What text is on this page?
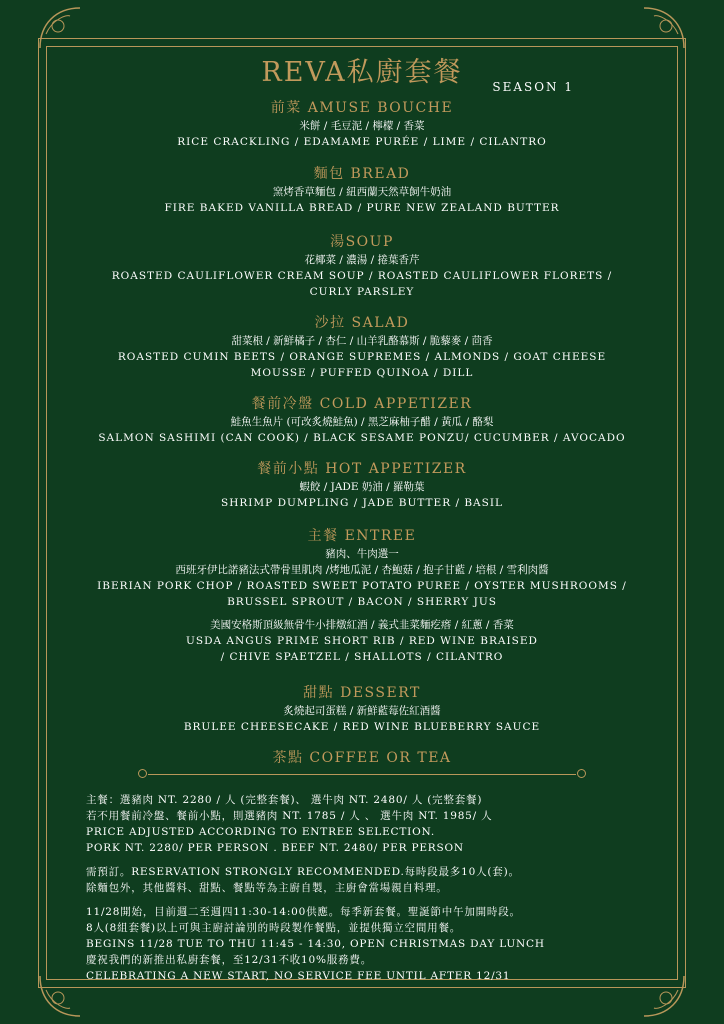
REVA私廚套餐	SEASON 1
前菜 AMUSE BOUCHE
米餅 / 毛豆泥 / 檸檬 / 香菜
RICE CRACKLING / EDAMAME PURÉE / LIME / CILANTRO
麵包 BREAD
窯烤香草麵包 / 紐西蘭天然草飼牛奶油
FIRE BAKED VANILLA BREAD / PURE NEW ZEALAND BUTTER
湯SOUP
花椰菜 / 濃湯 / 捲葉香芹
ROASTED CAULIFLOWER CREAM SOUP / ROASTED CAULIFLOWER FLORETS /
CURLY PARSLEY
沙拉 SALAD
甜菜根 / 新鮮橘子 / 杏仁 / 山羊乳酪慕斯 / 脆藜麥 / 茴香
ROASTED CUMIN BEETS / ORANGE SUPREMES / ALMONDS / GOAT CHEESE
MOUSSE / PUFFED QUINOA / DILL
餐前冷盤 COLD APPETIZER
鮭魚生魚片 (可改炙燒鮭魚) / 黑芝麻柚子醋 / 黃瓜 / 酪梨
SALMON SASHIMI (CAN COOK) / BLACK SESAME PONZU/ CUCUMBER / AVOCADO
餐前小點 HOT APPETIZER
蝦餃 / JADE 奶油 / 羅勒葉
SHRIMP DUMPLING / JADE BUTTER / BASIL
主餐 ENTREE
豬肉、牛肉選一
西班牙伊比諾豬法式帶骨里肌肉 /烤地瓜泥 / 杏鮑菇 / 抱子甘藍 / 培根 / 雪利肉醬
IBERIAN PORK CHOP / ROASTED SWEET POTATO PUREE / OYSTER MUSHROOMS /
BRUSSEL SPROUT / BACON / SHERRY JUS
美國安格斯頂級無骨牛小排燉紅酒 / 義式韭菜麵疙瘩 / 紅蔥 / 香菜
USDA ANGUS PRIME SHORT RIB / RED WINE BRAISED
/ CHIVE SPAETZEL / SHALLOTS / CILANTRO
甜點 DESSERT
炙燒起司蛋糕 / 新鮮藍莓佐紅酒醬
BRULEE CHEESECAKE / RED WINE BLUEBERRY SAUCE
茶點 COFFEE OR TEA
主餐：選豬肉 NT. 2280 / 人 (完整套餐)、 選牛肉 NT. 2480/ 人 (完整套餐)
若不用餐前冷盤、餐前小點，則選豬肉 NT. 1785 / 人 、 選牛肉 NT. 1985/ 人
PRICE ADJUSTED ACCORDING TO ENTREE SELECTION.
PORK NT. 2280/ PER PERSON . BEEF NT. 2480/ PER PERSON
需預訂。RESERVATION STRONGLY RECOMMENDED.每時段最多10人(套)。
除麵包外，其他醬料、甜點、餐點等為主廚自製，主廚會當場親自料理。
11/28開始，目前週二至週四11:30-14:00供應。每季新套餐。聖誕節中午加開時段。
8人(8組套餐)以上可與主廚討論別的時段製作餐點，並提供獨立空間用餐。
BEGINS 11/28 TUE TO THU 11:45 - 14:30, OPEN CHRISTMAS DAY LUNCH
慶祝我們的新推出私廚套餐，至12/31不收10%服務費。
CELEBRATING A NEW START, NO SERVICE FEE UNTIL AFTER 12/31
